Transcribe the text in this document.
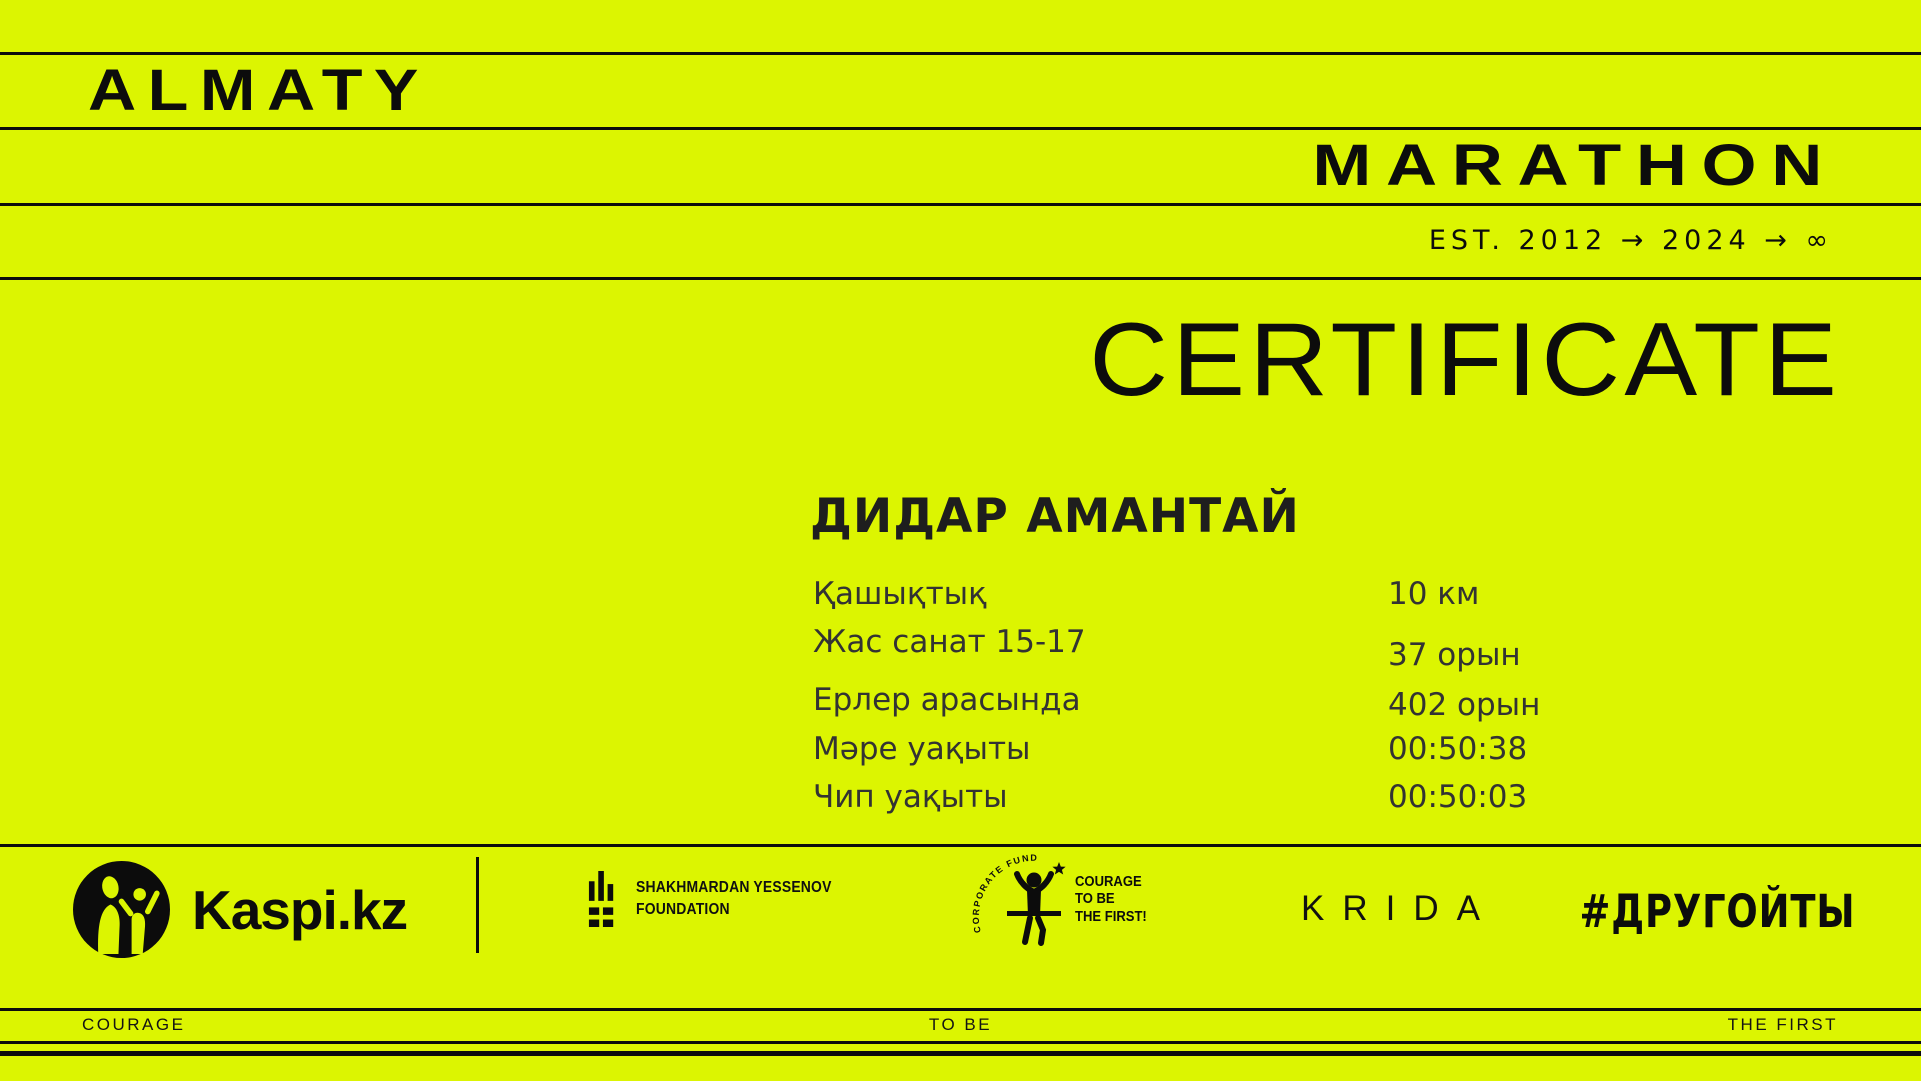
ALMATY
MARATHON
EST. 2012 → 2024 → ∞
CERTIFICATE
ДИДАР АМАНТАЙ
Қашықтық	10 км
Жас санат 15-17	37 орын
Ерлер арасында	402 орын
Мәре уақыты	00:50:38
Чип уақыты	00:50:03
Kaspi.kz	SHAKHMARDAN YESSENOV
FOUNDATION
CORPORATE FUND
COURAGE
TO BE
THE FIRST!	KRIDA #ДРУГОЙТЫ
COURAGE	TO BE	THE FIRST
